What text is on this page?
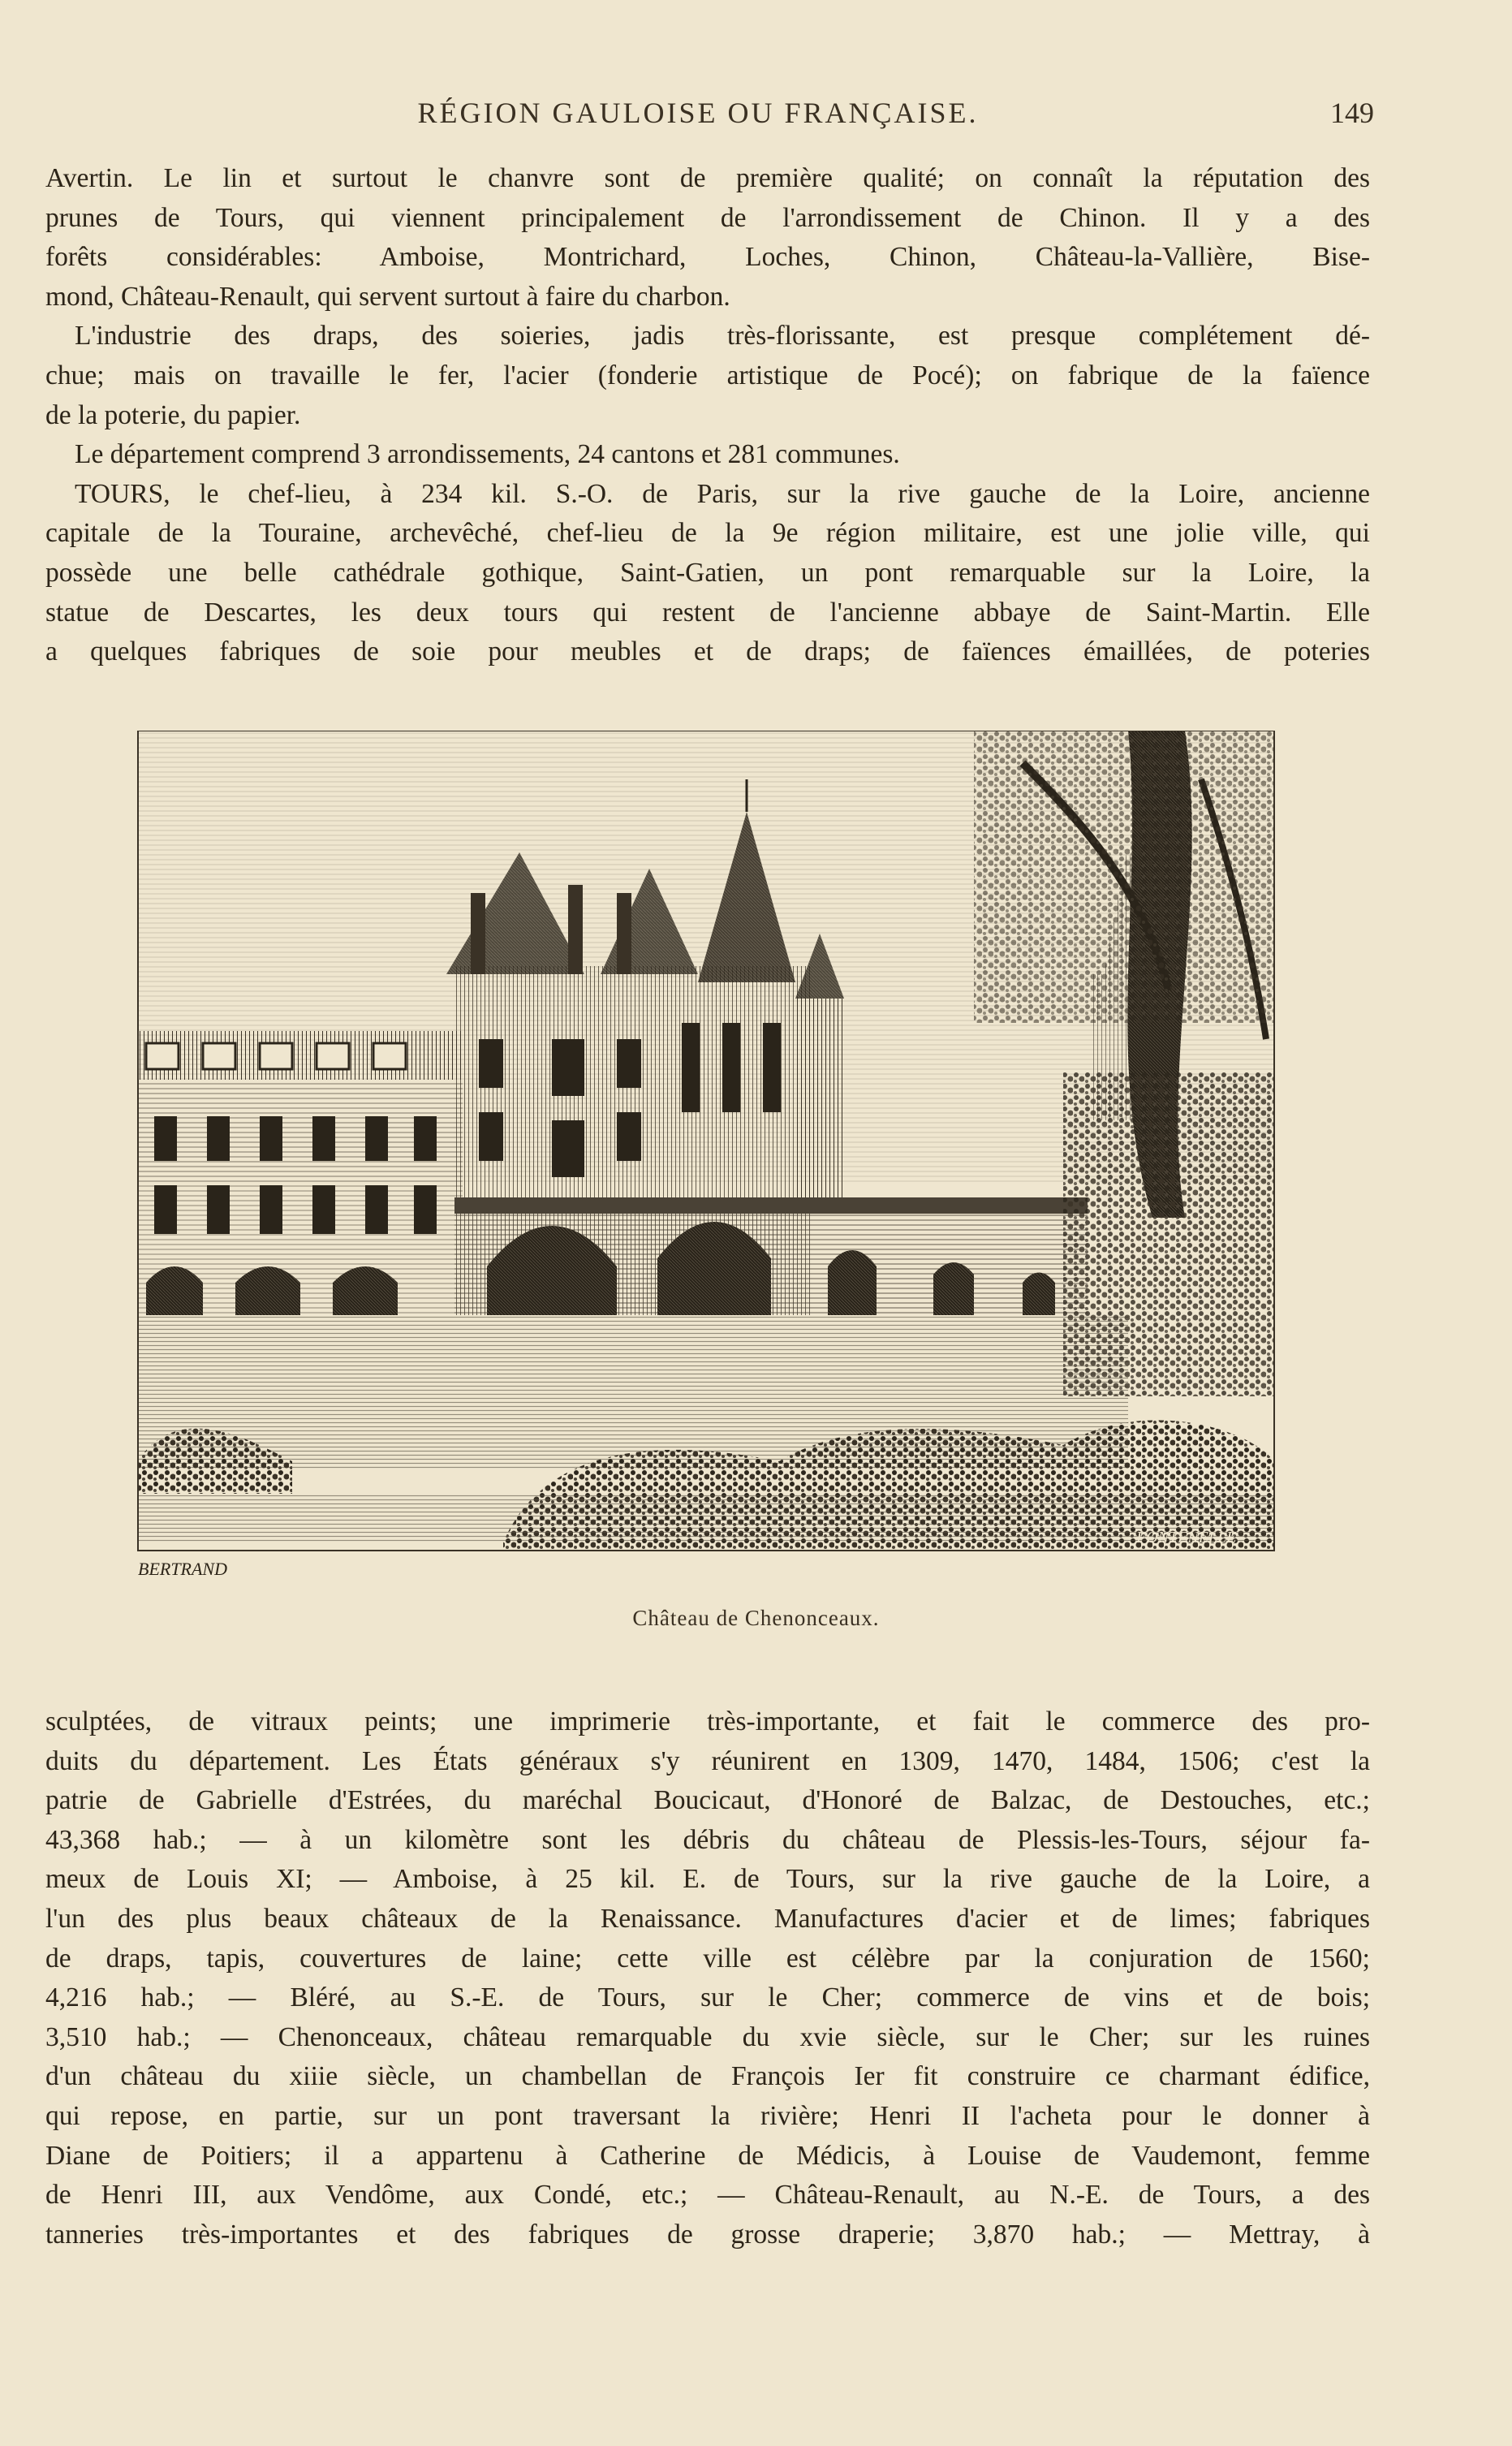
RÉGION GAULOISE OU FRANÇAISE.	149
Avertin. Le lin et surtout le chanvre sont de première qualité; on connaît la réputation des
prunes de Tours, qui viennent principalement de l'arrondissement de Chinon. Il y a des
forêts considérables: Amboise, Montrichard, Loches, Chinon, Château-la-Vallière, Bise-
mond, Château-Renault, qui servent surtout à faire du charbon.
L'industrie des draps, des soieries, jadis très-florissante, est presque complétement dé-
chue; mais on travaille le fer, l'acier (fonderie artistique de Pocé); on fabrique de la faïence
de la poterie, du papier.
Le département comprend 3 arrondissements, 24 cantons et 281 communes.
TOURS, le chef-lieu, à 234 kil. S.-O. de Paris, sur la rive gauche de la Loire, ancienne
capitale de la Touraine, archevêché, chef-lieu de la 9e région militaire, est une jolie ville, qui
possède une belle cathédrale gothique, Saint-Gatien, un pont remarquable sur la Loire, la
statue de Descartes, les deux tours qui restent de l'ancienne abbaye de Saint-Martin. Elle
a quelques fabriques de soie pour meubles et de draps; de faïences émaillées, de poteries
BERTRAND
FONTENELLE
Château de Chenonceaux.
sculptées, de vitraux peints; une imprimerie très-importante, et fait le commerce des pro-
duits du département. Les États généraux s'y réunirent en 1309, 1470, 1484, 1506; c'est la
patrie de Gabrielle d'Estrées, du maréchal Boucicaut, d'Honoré de Balzac, de Destouches, etc.;
43,368 hab.; — à un kilomètre sont les débris du château de Plessis-les-Tours, séjour fa-
meux de Louis XI; — Amboise, à 25 kil. E. de Tours, sur la rive gauche de la Loire, a
l'un des plus beaux châteaux de la Renaissance. Manufactures d'acier et de limes; fabriques
de draps, tapis, couvertures de laine; cette ville est célèbre par la conjuration de 1560;
4,216 hab.; — Bléré, au S.-E. de Tours, sur le Cher; commerce de vins et de bois;
3,510 hab.; — Chenonceaux, château remarquable du xvie siècle, sur le Cher; sur les ruines
d'un château du xiiie siècle, un chambellan de François Ier fit construire ce charmant édifice,
qui repose, en partie, sur un pont traversant la rivière; Henri II l'acheta pour le donner à
Diane de Poitiers; il a appartenu à Catherine de Médicis, à Louise de Vaudemont, femme
de Henri III, aux Vendôme, aux Condé, etc.; — Château-Renault, au N.-E. de Tours, a des
tanneries très-importantes et des fabriques de grosse draperie; 3,870 hab.; — Mettray, à
